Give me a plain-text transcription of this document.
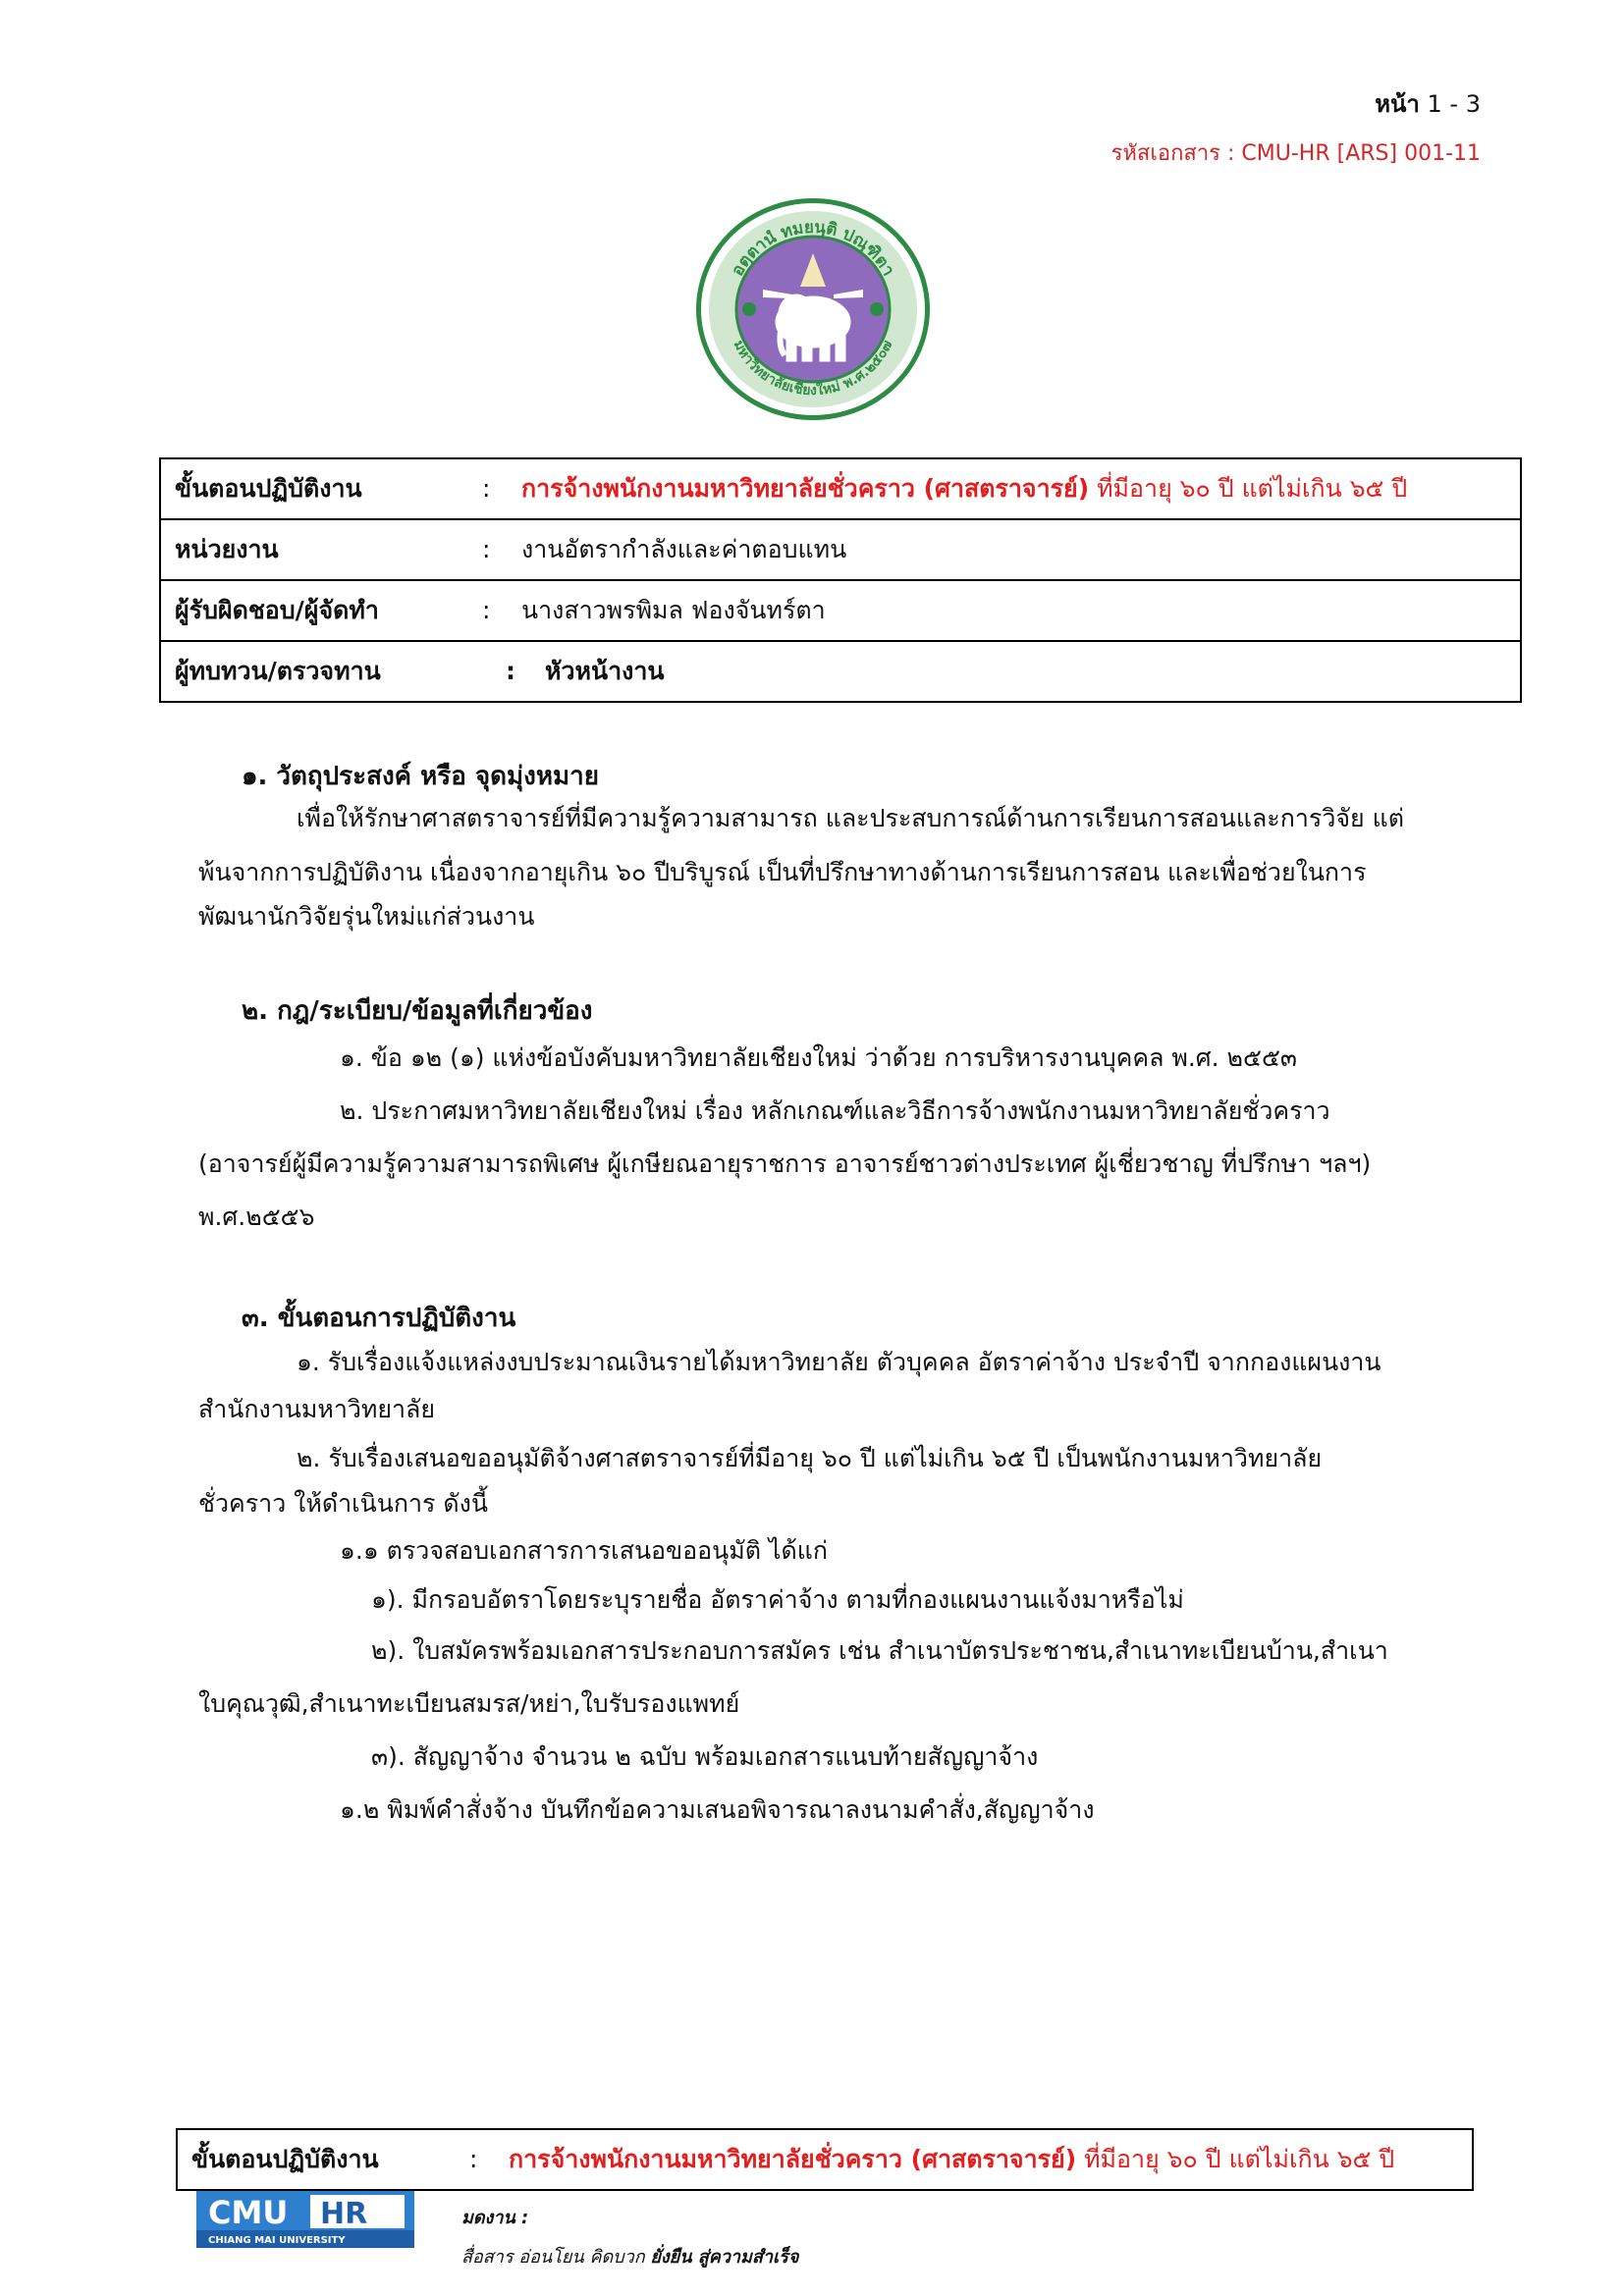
หน้า 1 - 3
รหัสเอกสาร : CMU-HR [ARS] 001-11
อตฺตานํ ทมยนฺติ ปณฺฑิตา
มหาวิทยาลัยเชียงใหม่ พ.ศ.๒๕๐๗
ขั้นตอนปฏิบัติงาน	: การจ้างพนักงานมหาวิทยาลัยชั่วคราว (ศาสตราจารย์) ที่มีอายุ ๖๐ ปี แต่ไม่เกิน ๖๕ ปี
หน่วยงาน	: งานอัตรากำลังและค่าตอบแทน
ผู้รับผิดชอบ/ผู้จัดทำ	: นางสาวพรพิมล ฟองจันทร์ตา
ผู้ทบทวน/ตรวจทาน	: หัวหน้างาน
๑. วัตถุประสงค์ หรือ จุดมุ่งหมาย
เพื่อให้รักษาศาสตราจารย์ที่มีความรู้ความสามารถ และประสบการณ์ด้านการเรียนการสอนและการวิจัย แต่
พ้นจากการปฏิบัติงาน เนื่องจากอายุเกิน ๖๐ ปีบริบูรณ์ เป็นที่ปรึกษาทางด้านการเรียนการสอน และเพื่อช่วยในการ
พัฒนานักวิจัยรุ่นใหม่แก่ส่วนงาน
๒. กฎ/ระเบียบ/ข้อมูลที่เกี่ยวข้อง
๑. ข้อ ๑๒ (๑) แห่งข้อบังคับมหาวิทยาลัยเชียงใหม่ ว่าด้วย การบริหารงานบุคคล พ.ศ. ๒๕๕๓
๒. ประกาศมหาวิทยาลัยเชียงใหม่ เรื่อง หลักเกณฑ์และวิธีการจ้างพนักงานมหาวิทยาลัยชั่วคราว
(อาจารย์ผู้มีความรู้ความสามารถพิเศษ ผู้เกษียณอายุราชการ อาจารย์ชาวต่างประเทศ ผู้เชี่ยวชาญ ที่ปรึกษา ฯลฯ)
พ.ศ.๒๕๕๖
๓. ขั้นตอนการปฏิบัติงาน
๑. รับเรื่องแจ้งแหล่งงบประมาณเงินรายได้มหาวิทยาลัย ตัวบุคคล อัตราค่าจ้าง ประจำปี จากกองแผนงาน
สำนักงานมหาวิทยาลัย
๒. รับเรื่องเสนอขออนุมัติจ้างศาสตราจารย์ที่มีอายุ ๖๐ ปี แต่ไม่เกิน ๖๕ ปี เป็นพนักงานมหาวิทยาลัย
ชั่วคราว ให้ดำเนินการ ดังนี้
๑.๑ ตรวจสอบเอกสารการเสนอขออนุมัติ ได้แก่
๑). มีกรอบอัตราโดยระบุรายชื่อ อัตราค่าจ้าง ตามที่กองแผนงานแจ้งมาหรือไม่
๒). ใบสมัครพร้อมเอกสารประกอบการสมัคร เช่น สำเนาบัตรประชาชน,สำเนาทะเบียนบ้าน,สำเนา
ใบคุณวุฒิ,สำเนาทะเบียนสมรส/หย่า,ใบรับรองแพทย์
๓). สัญญาจ้าง จำนวน ๒ ฉบับ พร้อมเอกสารแนบท้ายสัญญาจ้าง
๑.๒ พิมพ์คำสั่งจ้าง บันทึกข้อความเสนอพิจารณาลงนามคำสั่ง,สัญญาจ้าง
ขั้นตอนปฏิบัติงาน	: การจ้างพนักงานมหาวิทยาลัยชั่วคราว (ศาสตราจารย์) ที่มีอายุ ๖๐ ปี แต่ไม่เกิน ๖๕ ปี
CMU HR
CHIANG MAI UNIVERSITY
มดงาน :
สื่อสาร อ่อนโยน คิดบวก ยั่งยืน สู่ความสำเร็จ
